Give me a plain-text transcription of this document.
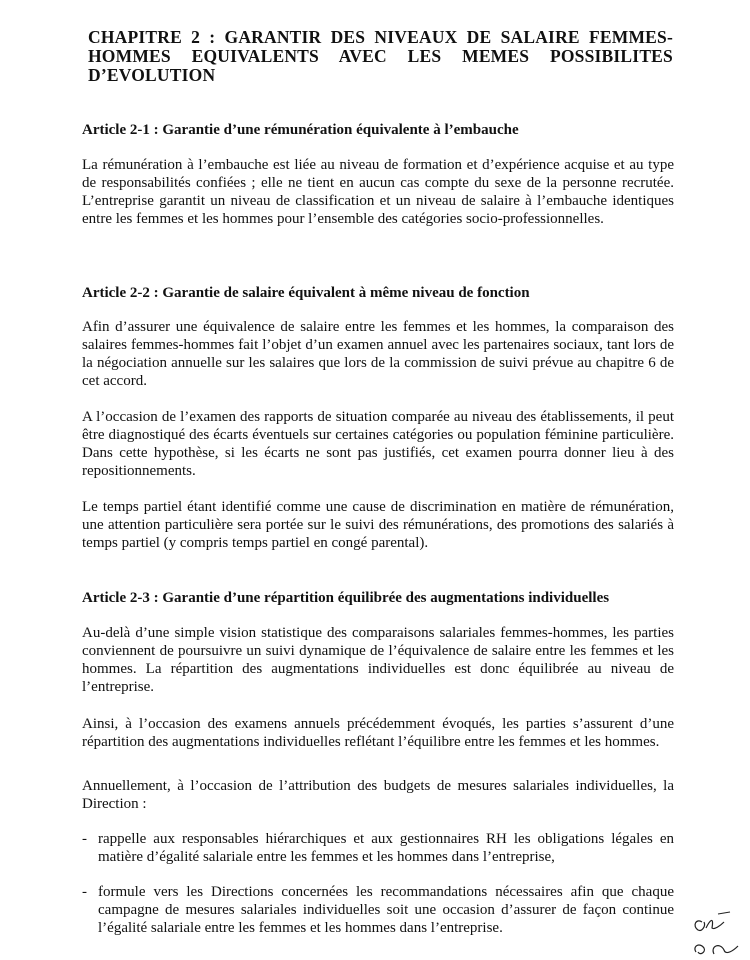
CHAPITRE 2 : GARANTIR DES NIVEAUX DE SALAIRE FEMMES-HOMMES EQUIVALENTS AVEC LES MEMES POSSIBILITES D’EVOLUTION
Article 2-1 : Garantie d’une rémunération équivalente à l’embauche

La rémunération à l’embauche est liée au niveau de formation et d’expérience acquise et au type de responsabilités confiées ; elle ne tient en aucun cas compte du sexe de la personne recrutée. L’entreprise garantit un niveau de classification et un niveau de salaire à l’embauche identiques entre les femmes et les hommes pour l’ensemble des catégories socio-professionnelles.

Article 2-2 : Garantie de salaire équivalent à même niveau de fonction

Afin d’assurer une équivalence de salaire entre les femmes et les hommes, la comparaison des salaires femmes-hommes fait l’objet d’un examen annuel avec les partenaires sociaux, tant lors de la négociation annuelle sur les salaires que lors de la commission de suivi prévue au chapitre 6 de cet accord.

A l’occasion de l’examen des rapports de situation comparée au niveau des établissements, il peut être diagnostiqué des écarts éventuels sur certaines catégories ou population féminine particulière. Dans cette hypothèse, si les écarts ne sont pas justifiés, cet examen pourra donner lieu à des repositionnements.

Le temps partiel étant identifié comme une cause de discrimination en matière de rémunération, une attention particulière sera portée sur le suivi des rémunérations, des promotions des salariés à temps partiel (y compris temps partiel en congé parental).

Article 2-3 : Garantie d’une répartition équilibrée des augmentations individuelles

Au-delà d’une simple vision statistique des comparaisons salariales femmes-hommes, les parties conviennent de poursuivre un suivi dynamique de l’équivalence de salaire entre les femmes et les hommes. La répartition des augmentations individuelles est donc équilibrée au niveau de l’entreprise.

Ainsi, à l’occasion des examens annuels précédemment évoqués, les parties s’assurent d’une répartition des augmentations individuelles reflétant l’équilibre entre les femmes et les hommes.

Annuellement, à l’occasion de l’attribution des budgets de mesures salariales individuelles, la Direction :

- rappelle aux responsables hiérarchiques et aux gestionnaires RH les obligations légales en matière d’égalité salariale entre les femmes et les hommes dans l’entreprise,
- formule vers les Directions concernées les recommandations nécessaires afin que chaque campagne de mesures salariales individuelles soit une occasion d’assurer de façon continue l’égalité salariale entre les femmes et les hommes dans l’entreprise.
